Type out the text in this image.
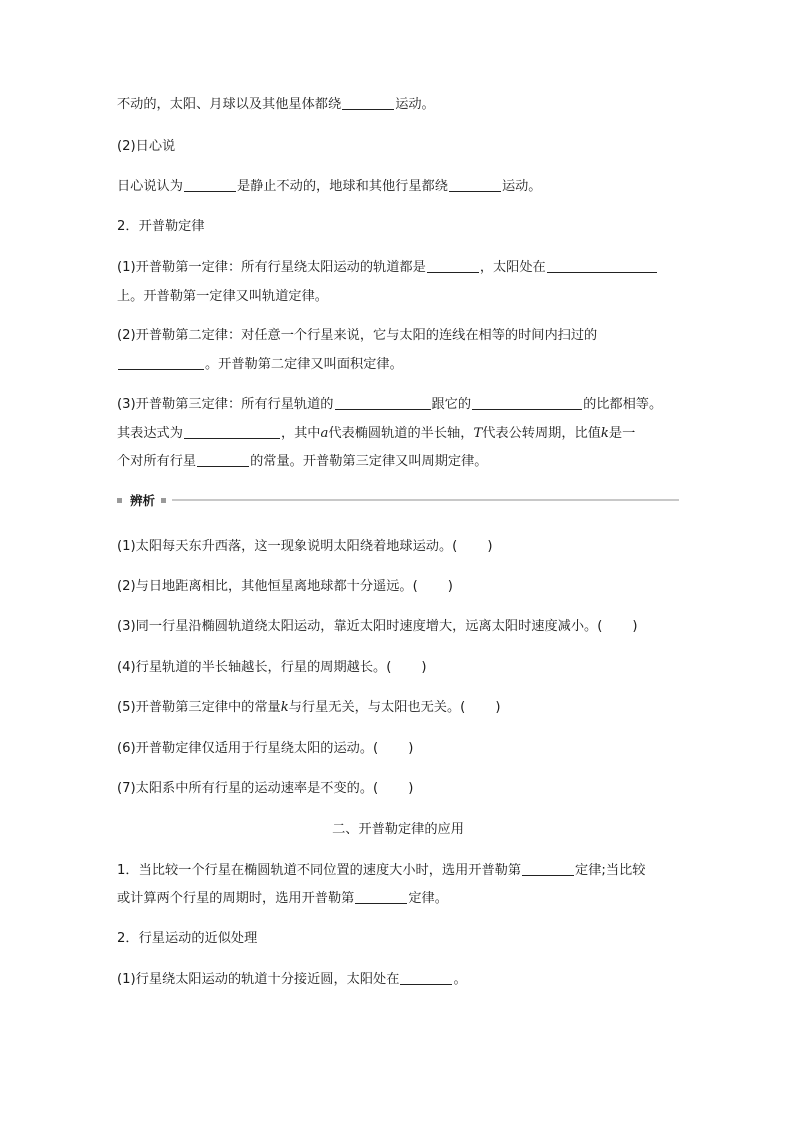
不动的，太阳、月球以及其他星体都绕	运动。
(2)日心说
日心说认为	是静止不动的，地球和其他行星都绕	运动。
2．开普勒定律
(1)开普勒第一定律：所有行星绕太阳运动的轨道都是	，太阳处在
上。开普勒第一定律又叫轨道定律。
(2)开普勒第二定律：对任意一个行星来说，它与太阳的连线在相等的时间内扫过的
。开普勒第二定律又叫面积定律。
(3)开普勒第三定律：所有行星轨道的	跟它的	的比都相等。
其表达式为	，其中a代表椭圆轨道的半长轴，T代表公转周期，比值k是一
个对所有行星	的常量。开普勒第三定律又叫周期定律。
辨析
(1)太阳每天东升西落，这一现象说明太阳绕着地球运动。( )
(2)与日地距离相比，其他恒星离地球都十分遥远。( )
(3)同一行星沿椭圆轨道绕太阳运动，靠近太阳时速度增大，远离太阳时速度减小。( )
(4)行星轨道的半长轴越长，行星的周期越长。( )
(5)开普勒第三定律中的常量k与行星无关，与太阳也无关。( )
(6)开普勒定律仅适用于行星绕太阳的运动。( )
(7)太阳系中所有行星的运动速率是不变的。( )
二、开普勒定律的应用
1．当比较一个行星在椭圆轨道不同位置的速度大小时，选用开普勒第	定律;当比较
或计算两个行星的周期时，选用开普勒第	定律。
2．行星运动的近似处理
(1)行星绕太阳运动的轨道十分接近圆，太阳处在	。
